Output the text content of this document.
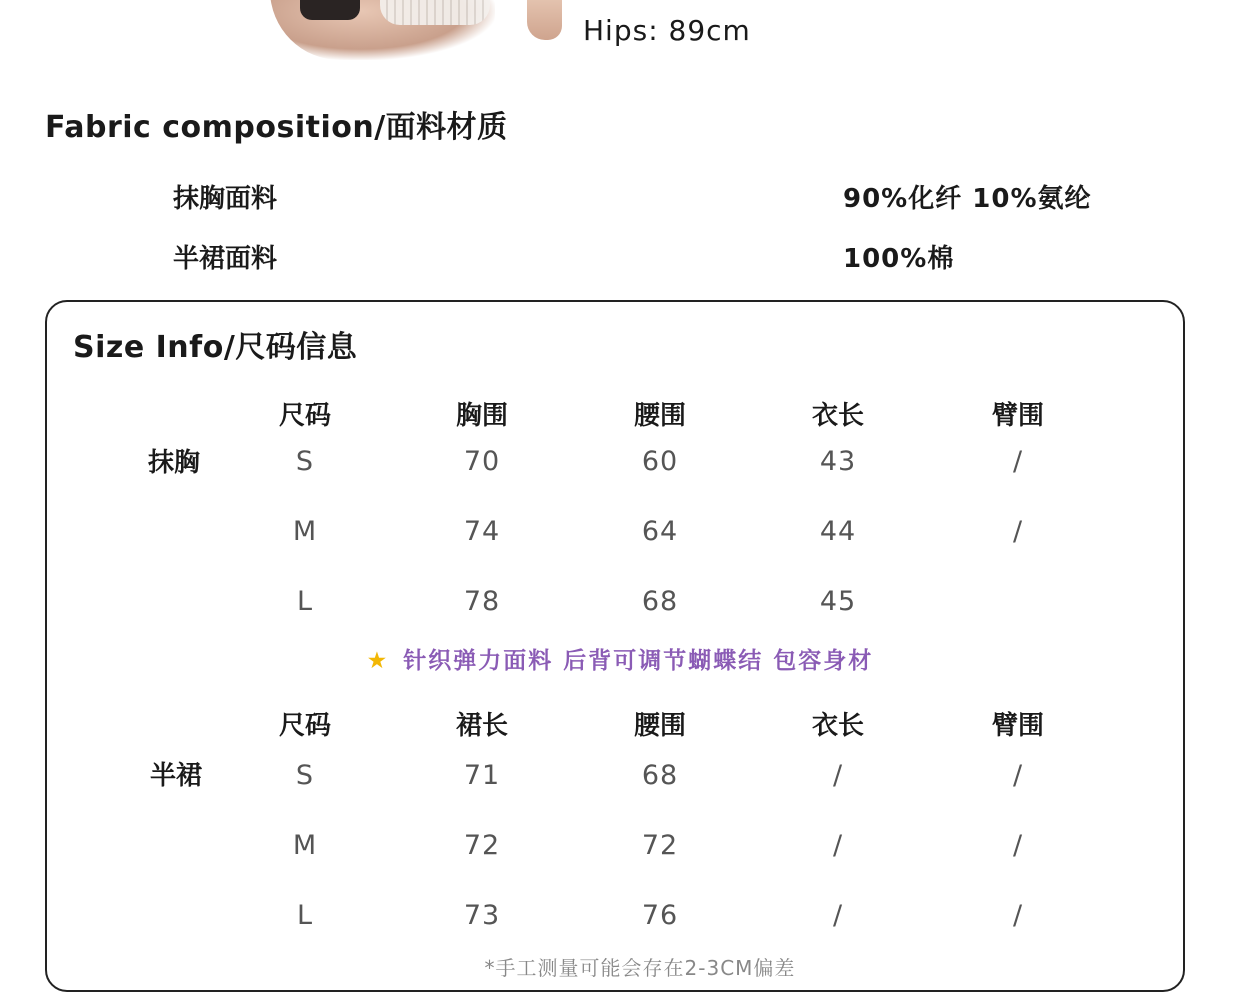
Hips: 89cm
Fabric composition/面料材质
抹胸面料	90%化纤 10%氨纶
半裙面料	100%棉
Size Info/尺码信息
抹胸
尺码	胸围	腰围	衣长	臂围
S	70	60	43	/
M	74	64	44	/
L	78	68	45
★ 针织弹力面料 后背可调节蝴蝶结 包容身材
半裙
尺码	裙长	腰围	衣长	臂围
S	71	68	/	/
M	72	72	/	/
L	73	76	/	/
*手工测量可能会存在2-3CM偏差
